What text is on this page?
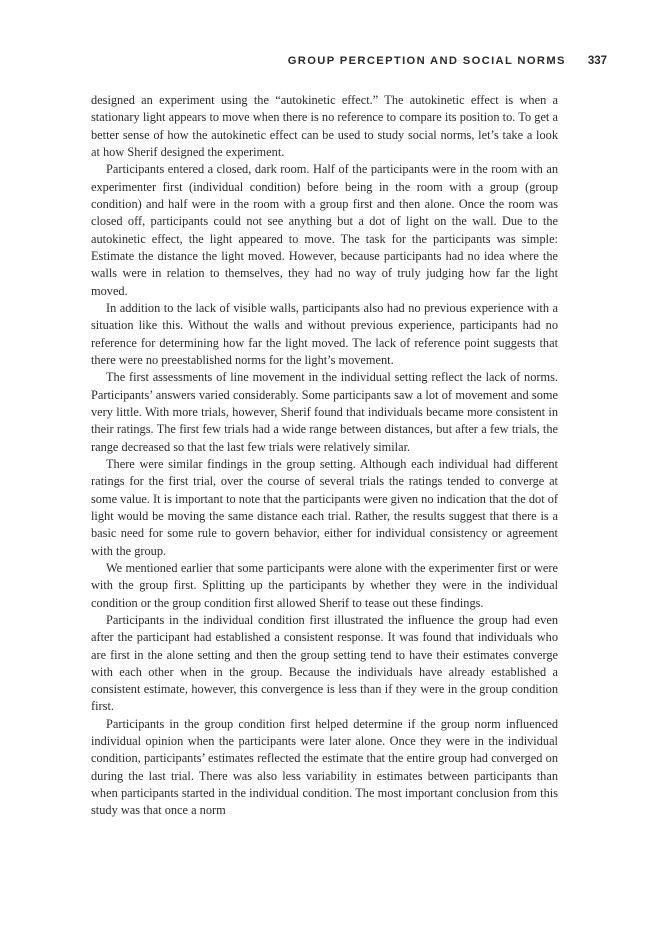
GROUP PERCEPTION AND SOCIAL NORMS 337

designed an experiment using the “autokinetic effect.” The autokinetic effect is when a stationary light appears to move when there is no reference to compare its position to. To get a better sense of how the autokinetic effect can be used to study social norms, let’s take a look at how Sherif designed the experiment.

Participants entered a closed, dark room. Half of the participants were in the room with an experimenter first (individual condition) before being in the room with a group (group condition) and half were in the room with a group first and then alone. Once the room was closed off, participants could not see anything but a dot of light on the wall. Due to the autokinetic effect, the light appeared to move. The task for the participants was simple: Estimate the distance the light moved. However, because participants had no idea where the walls were in relation to themselves, they had no way of truly judging how far the light moved.

In addition to the lack of visible walls, participants also had no previous experience with a situation like this. Without the walls and without previous experience, participants had no reference for determining how far the light moved. The lack of reference point suggests that there were no preestablished norms for the light’s movement.

The first assessments of line movement in the individual setting reflect the lack of norms. Participants’ answers varied considerably. Some participants saw a lot of movement and some very little. With more trials, however, Sherif found that individuals became more consistent in their ratings. The first few trials had a wide range between distances, but after a few trials, the range decreased so that the last few trials were relatively similar.

There were similar findings in the group setting. Although each individual had different ratings for the first trial, over the course of several trials the ratings tended to converge at some value. It is important to note that the participants were given no indication that the dot of light would be moving the same distance each trial. Rather, the results suggest that there is a basic need for some rule to govern behavior, either for individual consistency or agreement with the group.

We mentioned earlier that some participants were alone with the experimenter first or were with the group first. Splitting up the participants by whether they were in the individual condition or the group condition first allowed Sherif to tease out these findings.

Participants in the individual condition first illustrated the influence the group had even after the participant had established a consistent response. It was found that individuals who are first in the alone setting and then the group setting tend to have their estimates converge with each other when in the group. Because the individuals have already established a consistent estimate, however, this convergence is less than if they were in the group condition first.

Participants in the group condition first helped determine if the group norm influenced individual opinion when the participants were later alone. Once they were in the individual condition, participants’ estimates reflected the estimate that the entire group had converged on during the last trial. There was also less variability in estimates between participants than when participants started in the individual condition. The most important conclusion from this study was that once a norm
